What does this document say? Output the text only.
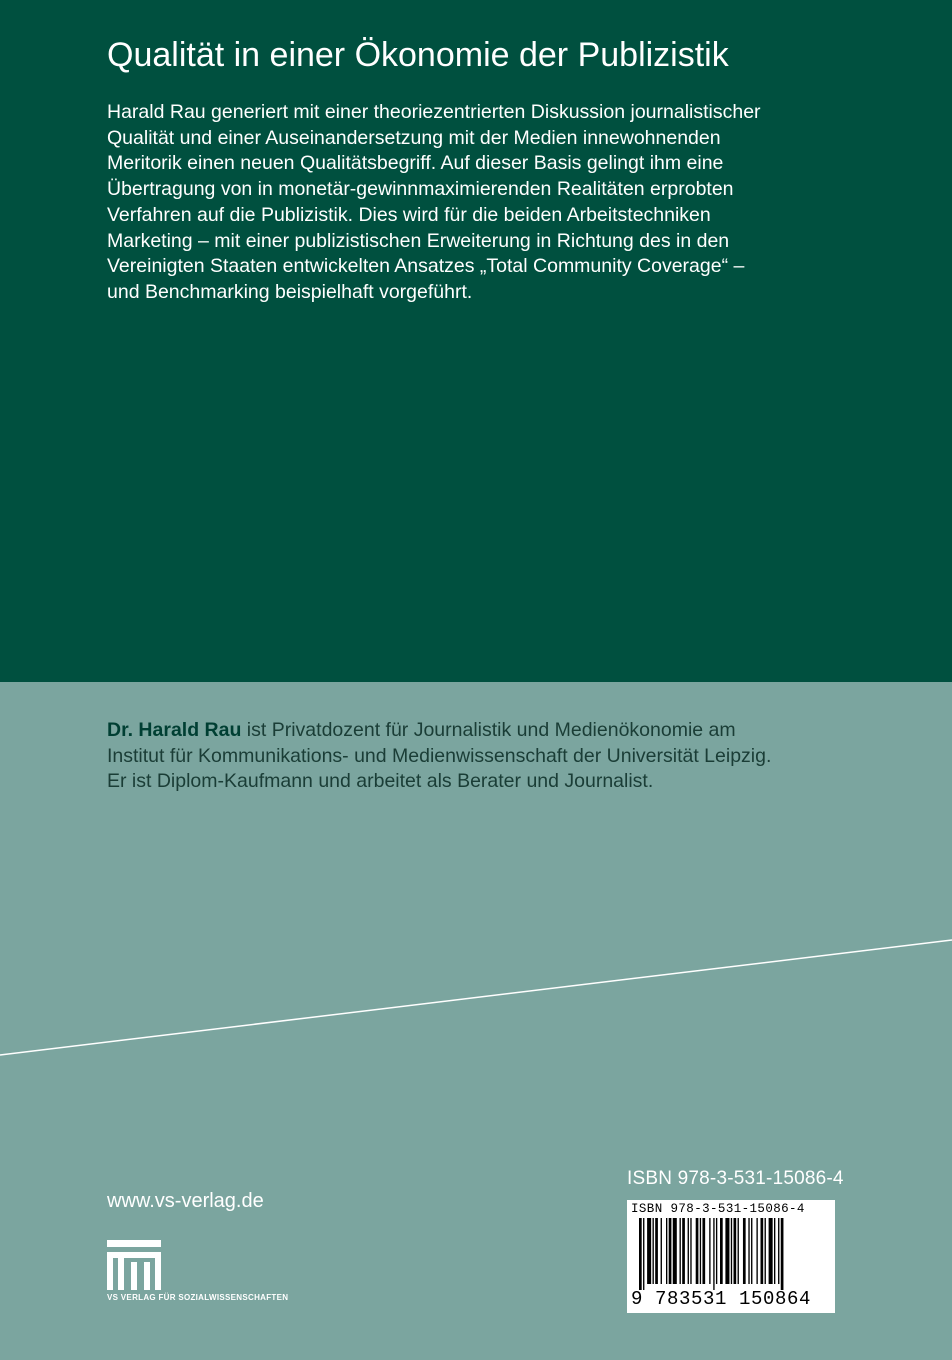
Qualität in einer Ökonomie der Publizistik
Harald Rau generiert mit einer theoriezentrierten Diskussion journalistischer
Qualität und einer Auseinandersetzung mit der Medien innewohnenden
Meritorik einen neuen Qualitätsbegriff. Auf dieser Basis gelingt ihm eine
Übertragung von in monetär-gewinnmaximierenden Realitäten erprobten
Verfahren auf die Publizistik. Dies wird für die beiden Arbeitstechniken
Marketing – mit einer publizistischen Erweiterung in Richtung des in den
Vereinigten Staaten entwickelten Ansatzes „Total Community Coverage“ –
und Benchmarking beispielhaft vorgeführt.
Dr. Harald Rau ist Privatdozent für Journalistik und Medienökonomie am
Institut für Kommunikations- und Medienwissenschaft der Universität Leipzig.
Er ist Diplom-Kaufmann und arbeitet als Berater und Journalist.
www.vs-verlag.de
VS VERLAG FÜR SOZIALWISSENSCHAFTEN
ISBN 978-3-531-15086-4
ISBN 978-3-531-15086-4
9 783531 150864
